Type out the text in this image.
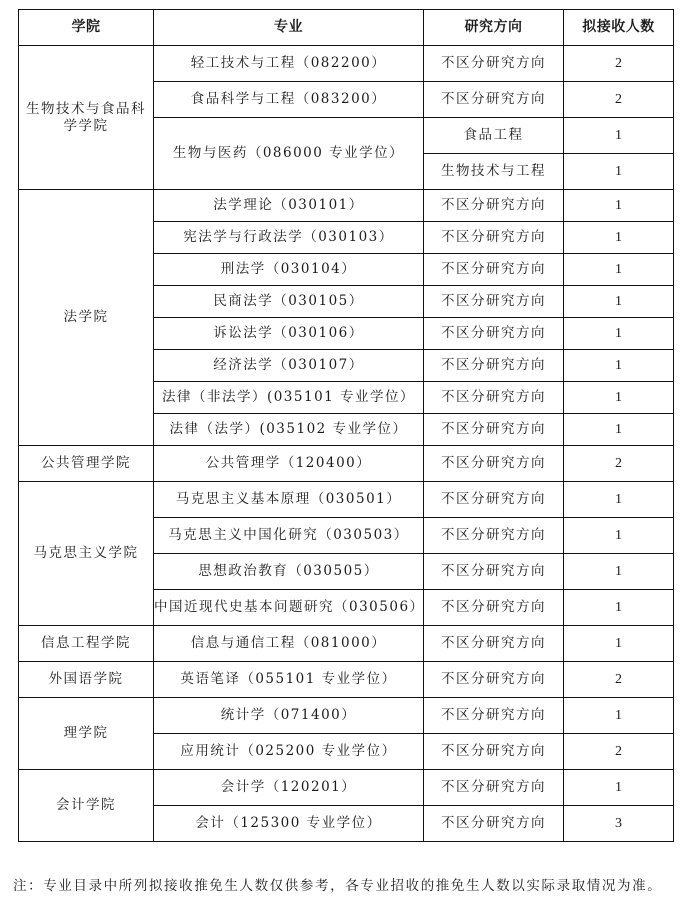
学院	专业	研究方向	拟接收人数
生物技术与食品科学学院	轻工技术与工程（082200）	不区分研究方向	2
	食品科学与工程（083200）	不区分研究方向	2
	生物与医药（086000 专业学位）	食品工程	1
		生物技术与工程	1
法学院	法学理论（030101）	不区分研究方向	1
	宪法学与行政法学（030103）	不区分研究方向	1
	刑法学（030104）	不区分研究方向	1
	民商法学（030105）	不区分研究方向	1
	诉讼法学（030106）	不区分研究方向	1
	经济法学（030107）	不区分研究方向	1
	法律（非法学）(035101 专业学位）	不区分研究方向	1
	法律（法学）(035102 专业学位）	不区分研究方向	1
公共管理学院	公共管理学（120400）	不区分研究方向	2
马克思主义学院	马克思主义基本原理（030501）	不区分研究方向	1
	马克思主义中国化研究（030503）	不区分研究方向	1
	思想政治教育（030505）	不区分研究方向	1
	中国近现代史基本问题研究（030506）	不区分研究方向	1
信息工程学院	信息与通信工程（081000）	不区分研究方向	1
外国语学院	英语笔译（055101 专业学位）	不区分研究方向	2
理学院	统计学（071400）	不区分研究方向	1
	应用统计（025200 专业学位）	不区分研究方向	2
会计学院	会计学（120201）	不区分研究方向	1
	会计（125300 专业学位）	不区分研究方向	3
注：专业目录中所列拟接收推免生人数仅供参考，各专业招收的推免生人数以实际录取情况为准。
